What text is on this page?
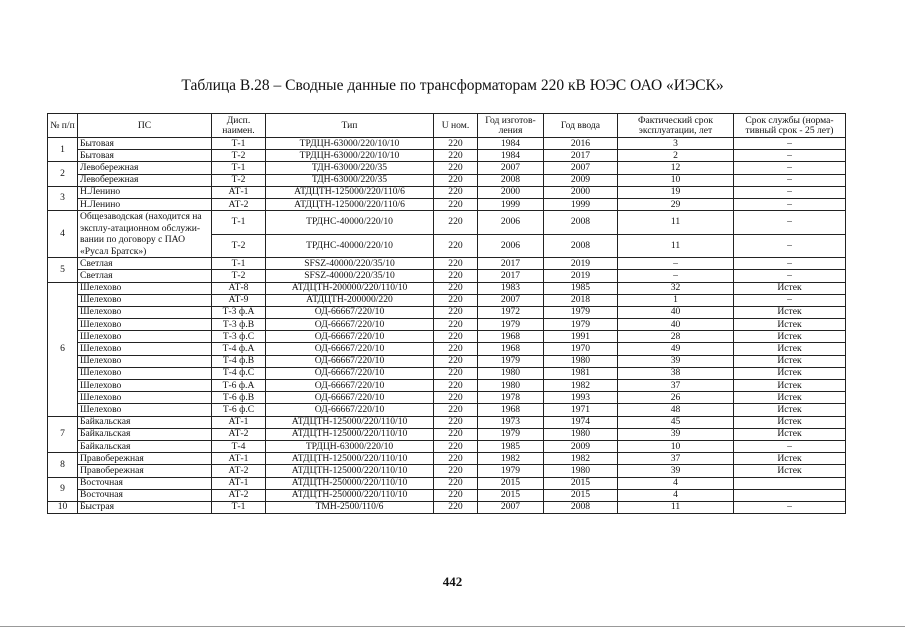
Таблица В.28 – Сводные данные по трансформаторам 220 кВ ЮЭС ОАО «ИЭСК»
№ п/п	ПС	Дисп. наимен.	Тип	U ном.	Год изготов-ления	Год ввода	Фактический срок эксплуатации, лет	Срок службы (норма-тивный срок - 25 лет)
1	Бытовая	Т-1	ТРДЦН-63000/220/10/10	220	1984	2016	3	–
	Бытовая	Т-2	ТРДЦН-63000/220/10/10	220	1984	2017	2	–
2	Левобережная	Т-1	ТДН-63000/220/35	220	2007	2007	12	–
	Левобережная	Т-2	ТДН-63000/220/35	220	2008	2009	10	–
3	Н.Ленино	АТ-1	АТДЦТН-125000/220/110/6	220	2000	2000	19	–
	Н.Ленино	АТ-2	АТДЦТН-125000/220/110/6	220	1999	1999	29	–
4	Общезаводская (находится на эксплу-атационном обслужи-вании по договору с ПАО «Русал Братск»)	Т-1	ТРДНС-40000/220/10	220	2006	2008	11	–
		Т-2	ТРДНС-40000/220/10	220	2006	2008	11	–
5	Светлая	Т-1	SFSZ-40000/220/35/10	220	2017	2019	–	–
	Светлая	Т-2	SFSZ-40000/220/35/10	220	2017	2019	–	–
6	Шелехово	АТ-8	АТДЦТН-200000/220/110/10	220	1983	1985	32	Истек
	Шелехово	АТ-9	АТДЦТН-200000/220	220	2007	2018	1	–
	Шелехово	Т-3 ф.А	ОД-66667/220/10	220	1972	1979	40	Истек
	Шелехово	Т-3 ф.В	ОД-66667/220/10	220	1979	1979	40	Истек
	Шелехово	Т-3 ф.С	ОД-66667/220/10	220	1968	1991	28	Истек
	Шелехово	Т-4 ф.А	ОД-66667/220/10	220	1968	1970	49	Истек
	Шелехово	Т-4 ф.В	ОД-66667/220/10	220	1979	1980	39	Истек
	Шелехово	Т-4 ф.С	ОД-66667/220/10	220	1980	1981	38	Истек
	Шелехово	Т-6 ф.А	ОД-66667/220/10	220	1980	1982	37	Истек
	Шелехово	Т-6 ф.В	ОД-66667/220/10	220	1978	1993	26	Истек
	Шелехово	Т-6 ф.С	ОД-66667/220/10	220	1968	1971	48	Истек
7	Байкальская	АТ-1	АТДЦТН-125000/220/110/10	220	1973	1974	45	Истек
	Байкальская	АТ-2	АТДЦТН-125000/220/110/10	220	1979	1980	39	Истек
	Байкальская	Т-4	ТРДЦН-63000/220/10	220	1985	2009	10	–
8	Правобережная	АТ-1	АТДЦТН-125000/220/110/10	220	1982	1982	37	Истек
	Правобережная	АТ-2	АТДЦТН-125000/220/110/10	220	1979	1980	39	Истек
9	Восточная	АТ-1	АТДЦТН-250000/220/110/10	220	2015	2015	4	
	Восточная	АТ-2	АТДЦТН-250000/220/110/10	220	2015	2015	4	
10	Быстрая	Т-1	ТМН-2500/110/6	220	2007	2008	11	–
442
